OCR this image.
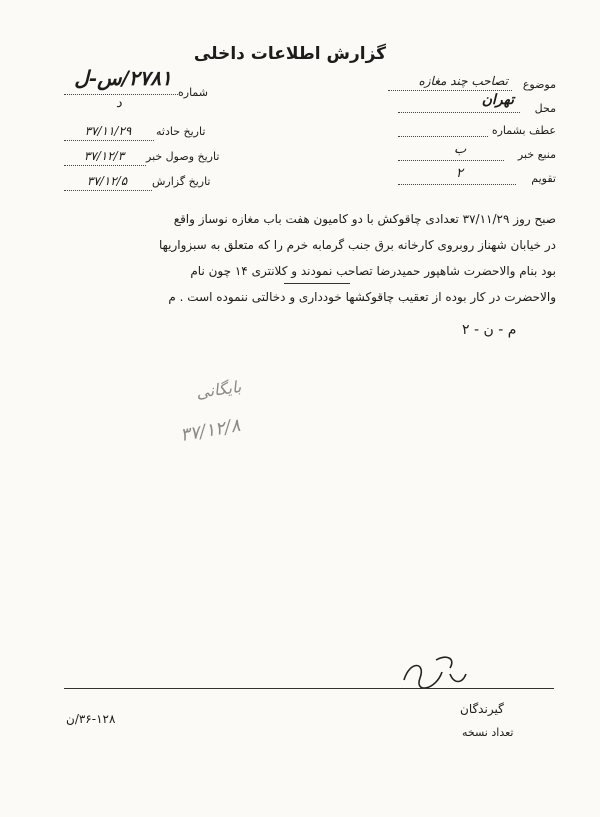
گزارش اطلاعات داخلی
شماره
۲۷۸۱/س-ل
د
تاریخ حادثه
۳۷/۱۱/۲۹
تاریخ وصول خبر
۳۷/۱۲/۳
تاریخ گزارش
۳۷/۱۲/۵
موضوع
تصاحب چند مغازه
محل
تهران
عطف بشماره
منبع خبر
ب
تقویم
۲
صبح روز ۳۷/۱۱/۲۹ تعدادی چاقوکش با دو کامیون هفت باب مغازه نوساز واقع
در خیابان شهناز روبروی کارخانه برق جنب گرمابه خرم را که متعلق به سبزواریها
بود بنام والاحضرت شاهپور حمیدرضا تصاحب نمودند و کلانتری ۱۴ چون نام
والاحضرت در کار بوده از تعقیب چاقوکشها خودداری و دخالتی ننموده است . م
م - ن - ۲
بایگانی
۳۷/۱۲/۸
گیرندگان
تعداد نسخه
۳۶-۱۲۸/ن
